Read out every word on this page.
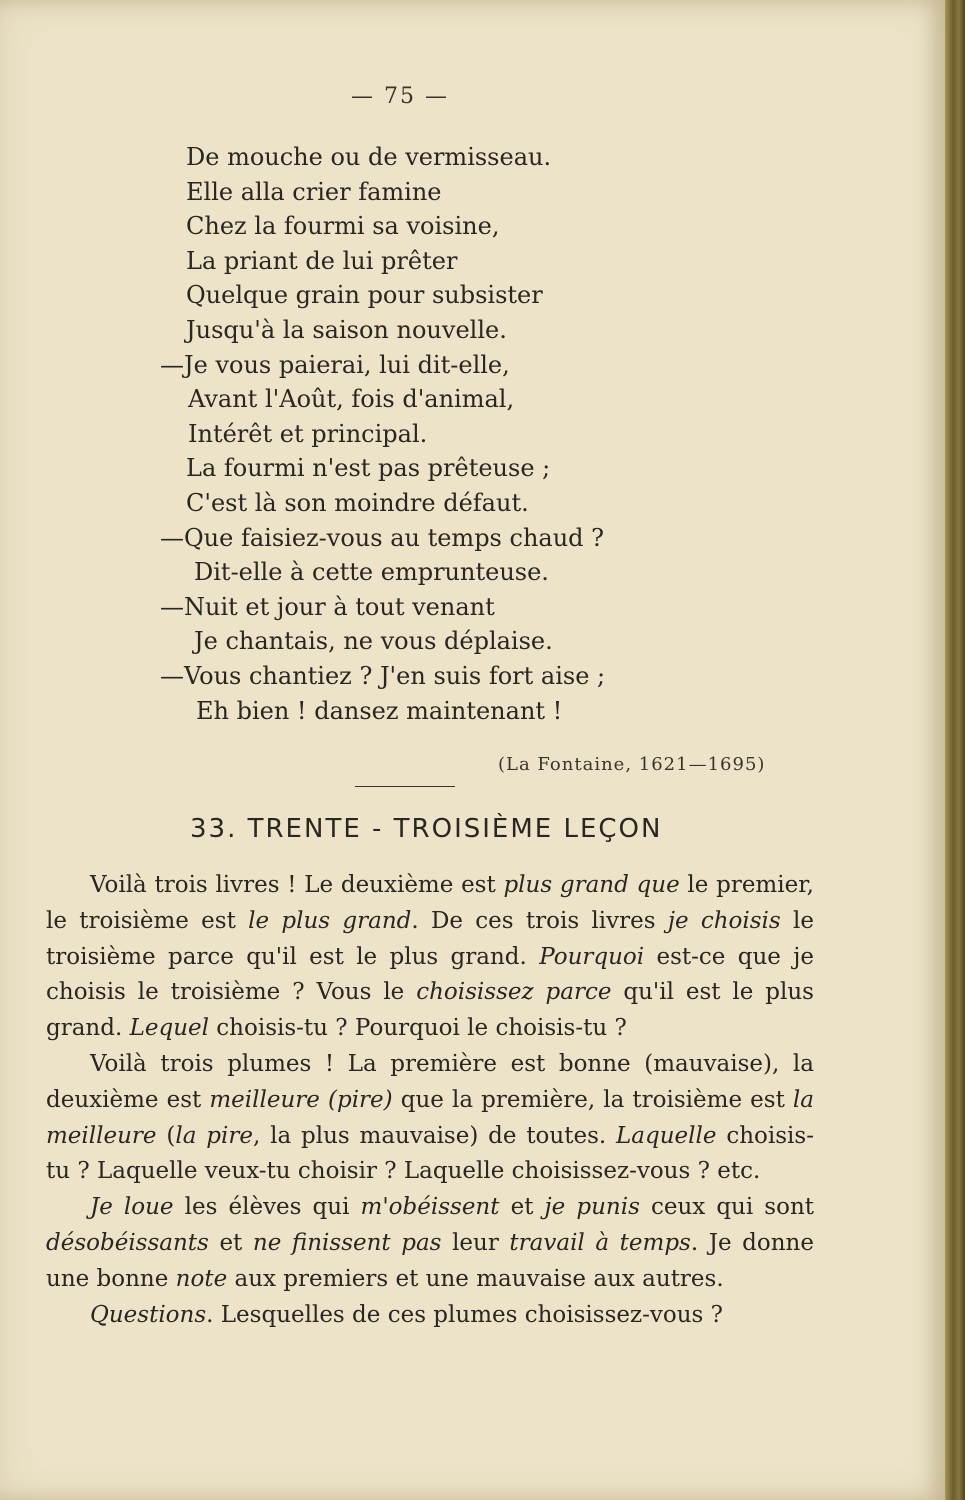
— 75 —
De mouche ou de vermisseau.
Elle alla crier famine
Chez la fourmi sa voisine,
La priant de lui prêter
Quelque grain pour subsister
Jusqu'à la saison nouvelle.
—Je vous paierai, lui dit-elle,
Avant l'Août, fois d'animal,
Intérêt et principal.
La fourmi n'est pas prêteuse ;
C'est là son moindre défaut.
—Que faisiez-vous au temps chaud ?
Dit-elle à cette emprunteuse.
—Nuit et jour à tout venant
Je chantais, ne vous déplaise.
—Vous chantiez ? J'en suis fort aise ;
Eh bien ! dansez maintenant !
(La Fontaine, 1621—1695)
33. TRENTE - TROISIÈME LEÇON

Voilà trois livres ! Le deuxième est plus grand que le premier, le troisième est le plus grand. De ces trois livres je choisis le troisième parce qu'il est le plus grand. Pourquoi est-ce que je choisis le troisième ? Vous le choisissez parce qu'il est le plus grand. Lequel choisis-tu ? Pourquoi le choisis-tu ?

Voilà trois plumes ! La première est bonne (mauvaise), la deuxième est meilleure (pire) que la première, la troisième est la meilleure (la pire, la plus mauvaise) de toutes. Laquelle choisis-tu ? Laquelle veux-tu choisir ? Laquelle choisissez-vous ? etc.

Je loue les élèves qui m'obéissent et je punis ceux qui sont désobéissants et ne finissent pas leur travail à temps. Je donne une bonne note aux premiers et une mauvaise aux autres.

Questions. Lesquelles de ces plumes choisissez-vous ?
